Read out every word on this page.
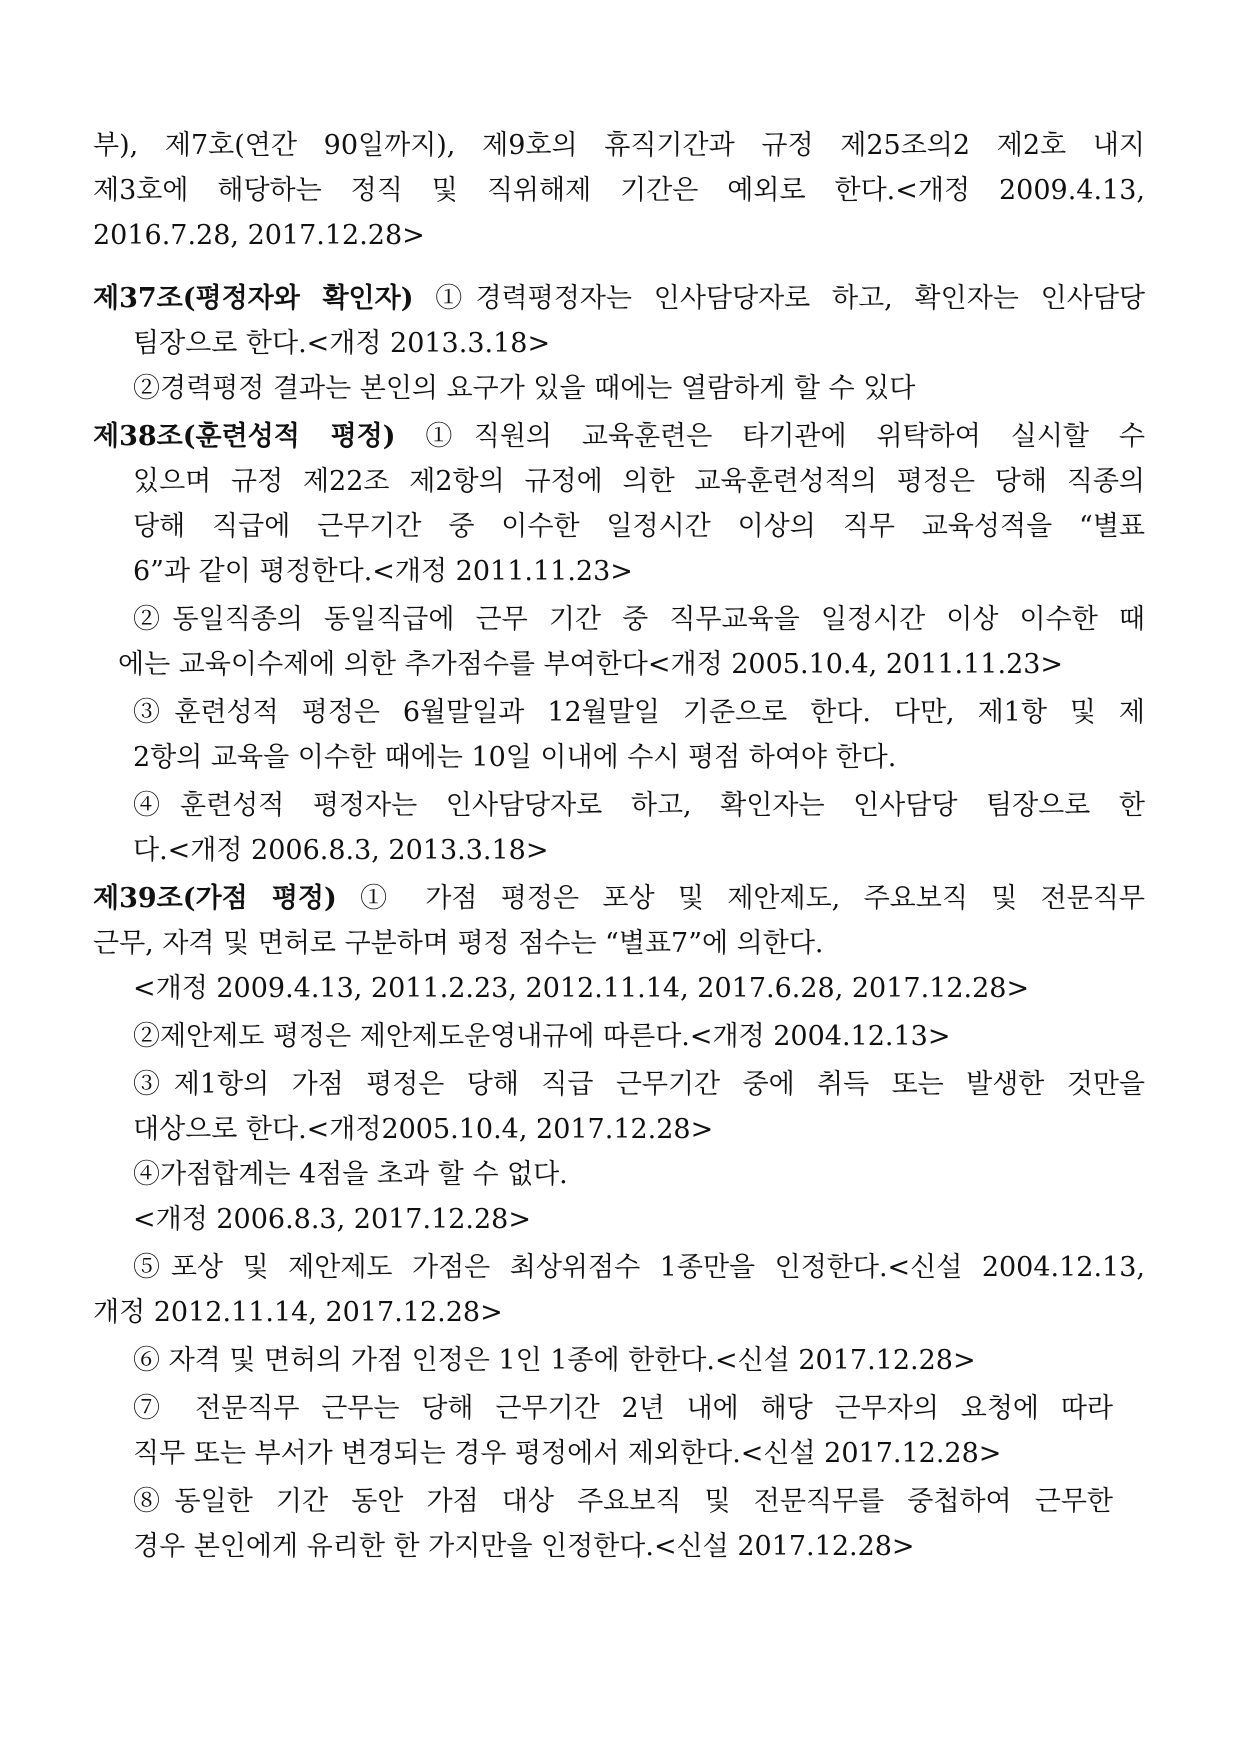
부), 제7호(연간 90일까지), 제9호의 휴직기간과 규정 제25조의2 제2호 내지
제3호에 해당하는 정직 및 직위해제 기간은 예외로 한다.<개정 2009.4.13,
2016.7.28, 2017.12.28>
제37조(평정자와 확인자) ①경력평정자는 인사담당자로 하고, 확인자는 인사담당
팀장으로 한다.<개정 2013.3.18>
②경력평정 결과는 본인의 요구가 있을 때에는 열람하게 할 수 있다
제38조(훈련성적 평정) ①직원의 교육훈련은 타기관에 위탁하여 실시할 수
있으며 규정 제22조 제2항의 규정에 의한 교육훈련성적의 평정은 당해 직종의
당해 직급에 근무기간 중 이수한 일정시간 이상의 직무 교육성적을 “별표
6”과 같이 평정한다.<개정 2011.11.23>
②동일직종의 동일직급에 근무 기간 중 직무교육을 일정시간 이상 이수한 때
에는 교육이수제에 의한 추가점수를 부여한다<개정 2005.10.4, 2011.11.23>
③훈련성적 평정은 6월말일과 12월말일 기준으로 한다. 다만, 제1항 및 제
2항의 교육을 이수한 때에는 10일 이내에 수시 평점 하여야 한다.
④훈련성적 평정자는 인사담당자로 하고, 확인자는 인사담당 팀장으로 한
다.<개정 2006.8.3, 2013.3.18>
제39조(가점 평정) ① 가점 평정은 포상 및 제안제도, 주요보직 및 전문직무
근무, 자격 및 면허로 구분하며 평정 점수는 “별표7”에 의한다.
<개정 2009.4.13, 2011.2.23, 2012.11.14, 2017.6.28, 2017.12.28>
②제안제도 평정은 제안제도운영내규에 따른다.<개정 2004.12.13>
③제1항의 가점 평정은 당해 직급 근무기간 중에 취득 또는 발생한 것만을
대상으로 한다.<개정2005.10.4, 2017.12.28>
④가점합계는 4점을 초과 할 수 없다.
<개정 2006.8.3, 2017.12.28>
⑤포상 및 제안제도 가점은 최상위점수 1종만을 인정한다.<신설 2004.12.13,
개정 2012.11.14, 2017.12.28>
⑥ 자격 및 면허의 가점 인정은 1인 1종에 한한다.<신설 2017.12.28>
⑦ 전문직무 근무는 당해 근무기간 2년 내에 해당 근무자의 요청에 따라
직무 또는 부서가 변경되는 경우 평정에서 제외한다.<신설 2017.12.28>
⑧동일한 기간 동안 가점 대상 주요보직 및 전문직무를 중첩하여 근무한
경우 본인에게 유리한 한 가지만을 인정한다.<신설 2017.12.28>
